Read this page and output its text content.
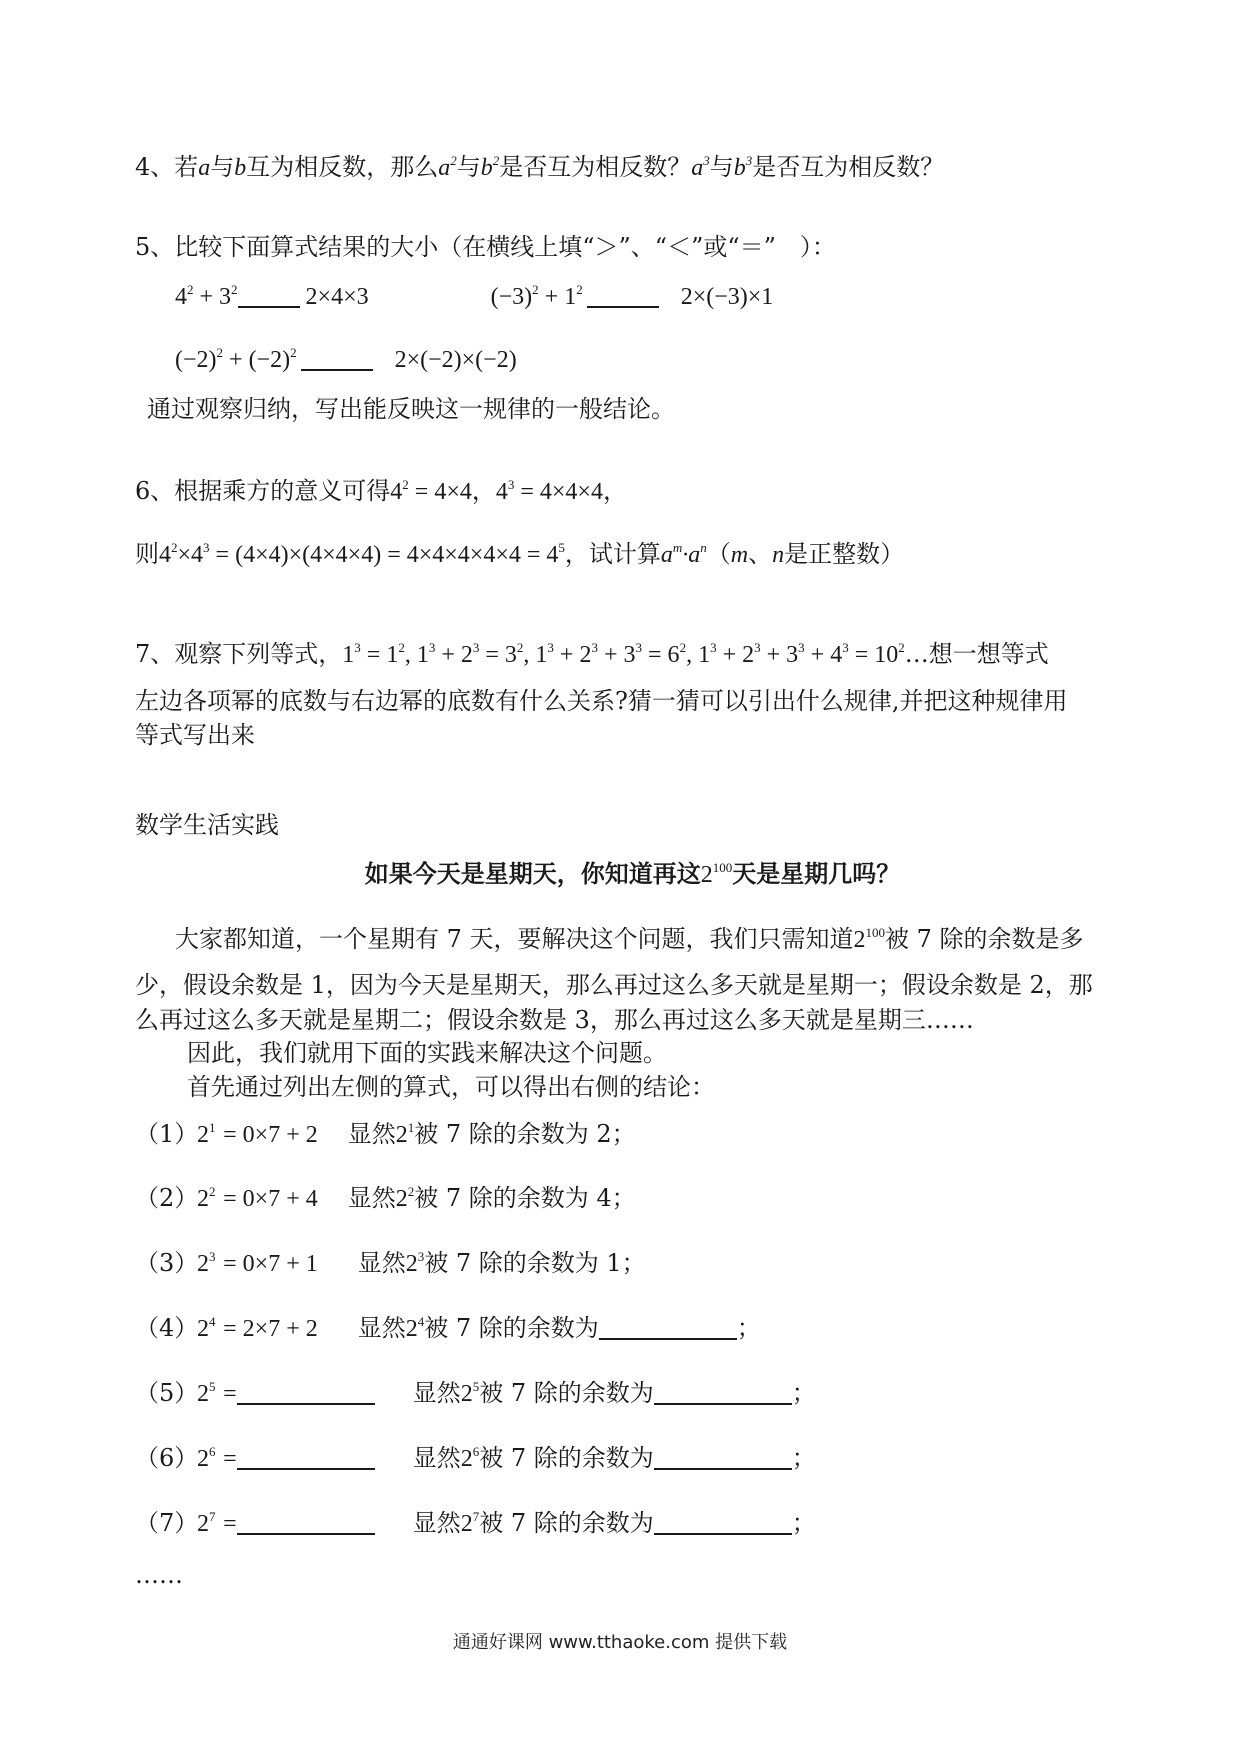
4、若a与b互为相反数，那么$a^2$与$b^2$是否互为相反数？$a^3$与$b^3$是否互为相反数？
5、比较下面算式结果的大小（在横线上填“＞”、“＜”或“＝”　）：
$4^2 + 3^2$	2×4×3	$(-3)^2 + 1^2$	2×(−3)×1
$(-2)^2 + (-2)^2$	2×(−2)×(−2)
通过观察归纳，写出能反映这一规律的一般结论。
6、根据乘方的意义可得$4^2 = 4\times 4$，$4^3 = 4\times 4\times 4$，
则$4^2\times 4^3 = (4\times 4)\times(4\times 4\times 4) = 4\times 4\times 4\times 4\times 4 = 4^5$，试计算$a^m\cdot a^n(m$、n是正整数）
7、观察下列等式，$1^3 = 1^2$, $1^3 + 2^3 = 3^2$, $1^3 + 2^3 + 3^3 = 6^2$, $1^3 + 2^3 + 3^3 + 4^3$ = $10^2\dots$想一想等式
左边各项幂的底数与右边幂的底数有什么关系?猜一猜可以引出什么规律,并把这种规律用
等式写出来
数学生活实践
如果今天是星期天，你知道再这$2^{100}$天是星期几吗？
大家都知道，一个星期有 7 天，要解决这个问题，我们只需知道$2^{100}$被 7 除的余数是多
少，假设余数是 1，因为今天是星期天，那么再过这么多天就是星期一；假设余数是 2，那
么再过这么多天就是星期二；假设余数是 3，那么再过这么多天就是星期三……
因此，我们就用下面的实践来解决这个问题。
首先通过列出左侧的算式，可以得出右侧的结论：
$(1)2^1 = 0\times 7 + 2$ 显然$2^1$被 7 除的余数为 2；
$(2)2^2 = 0\times 7 + 4$ 显然$2^2$被 7 除的余数为 4；
$(3)2^3 = 0\times 7 + 1$ 显然$2^3$被 7 除的余数为 1；
$(4)2^4 = 2\times 7 + 2$ 显然$2^4$被 7 除的余数为	；
$(5)2^5$ =	显然$2^5$被 7 除的余数为	；
$(6)2^6$ =	显然$2^6$被 7 除的余数为	；
$(7)2^7$ =	显然$2^7$被 7 除的余数为	；
……
通通好课网 www.tthaoke.com 提供下载
